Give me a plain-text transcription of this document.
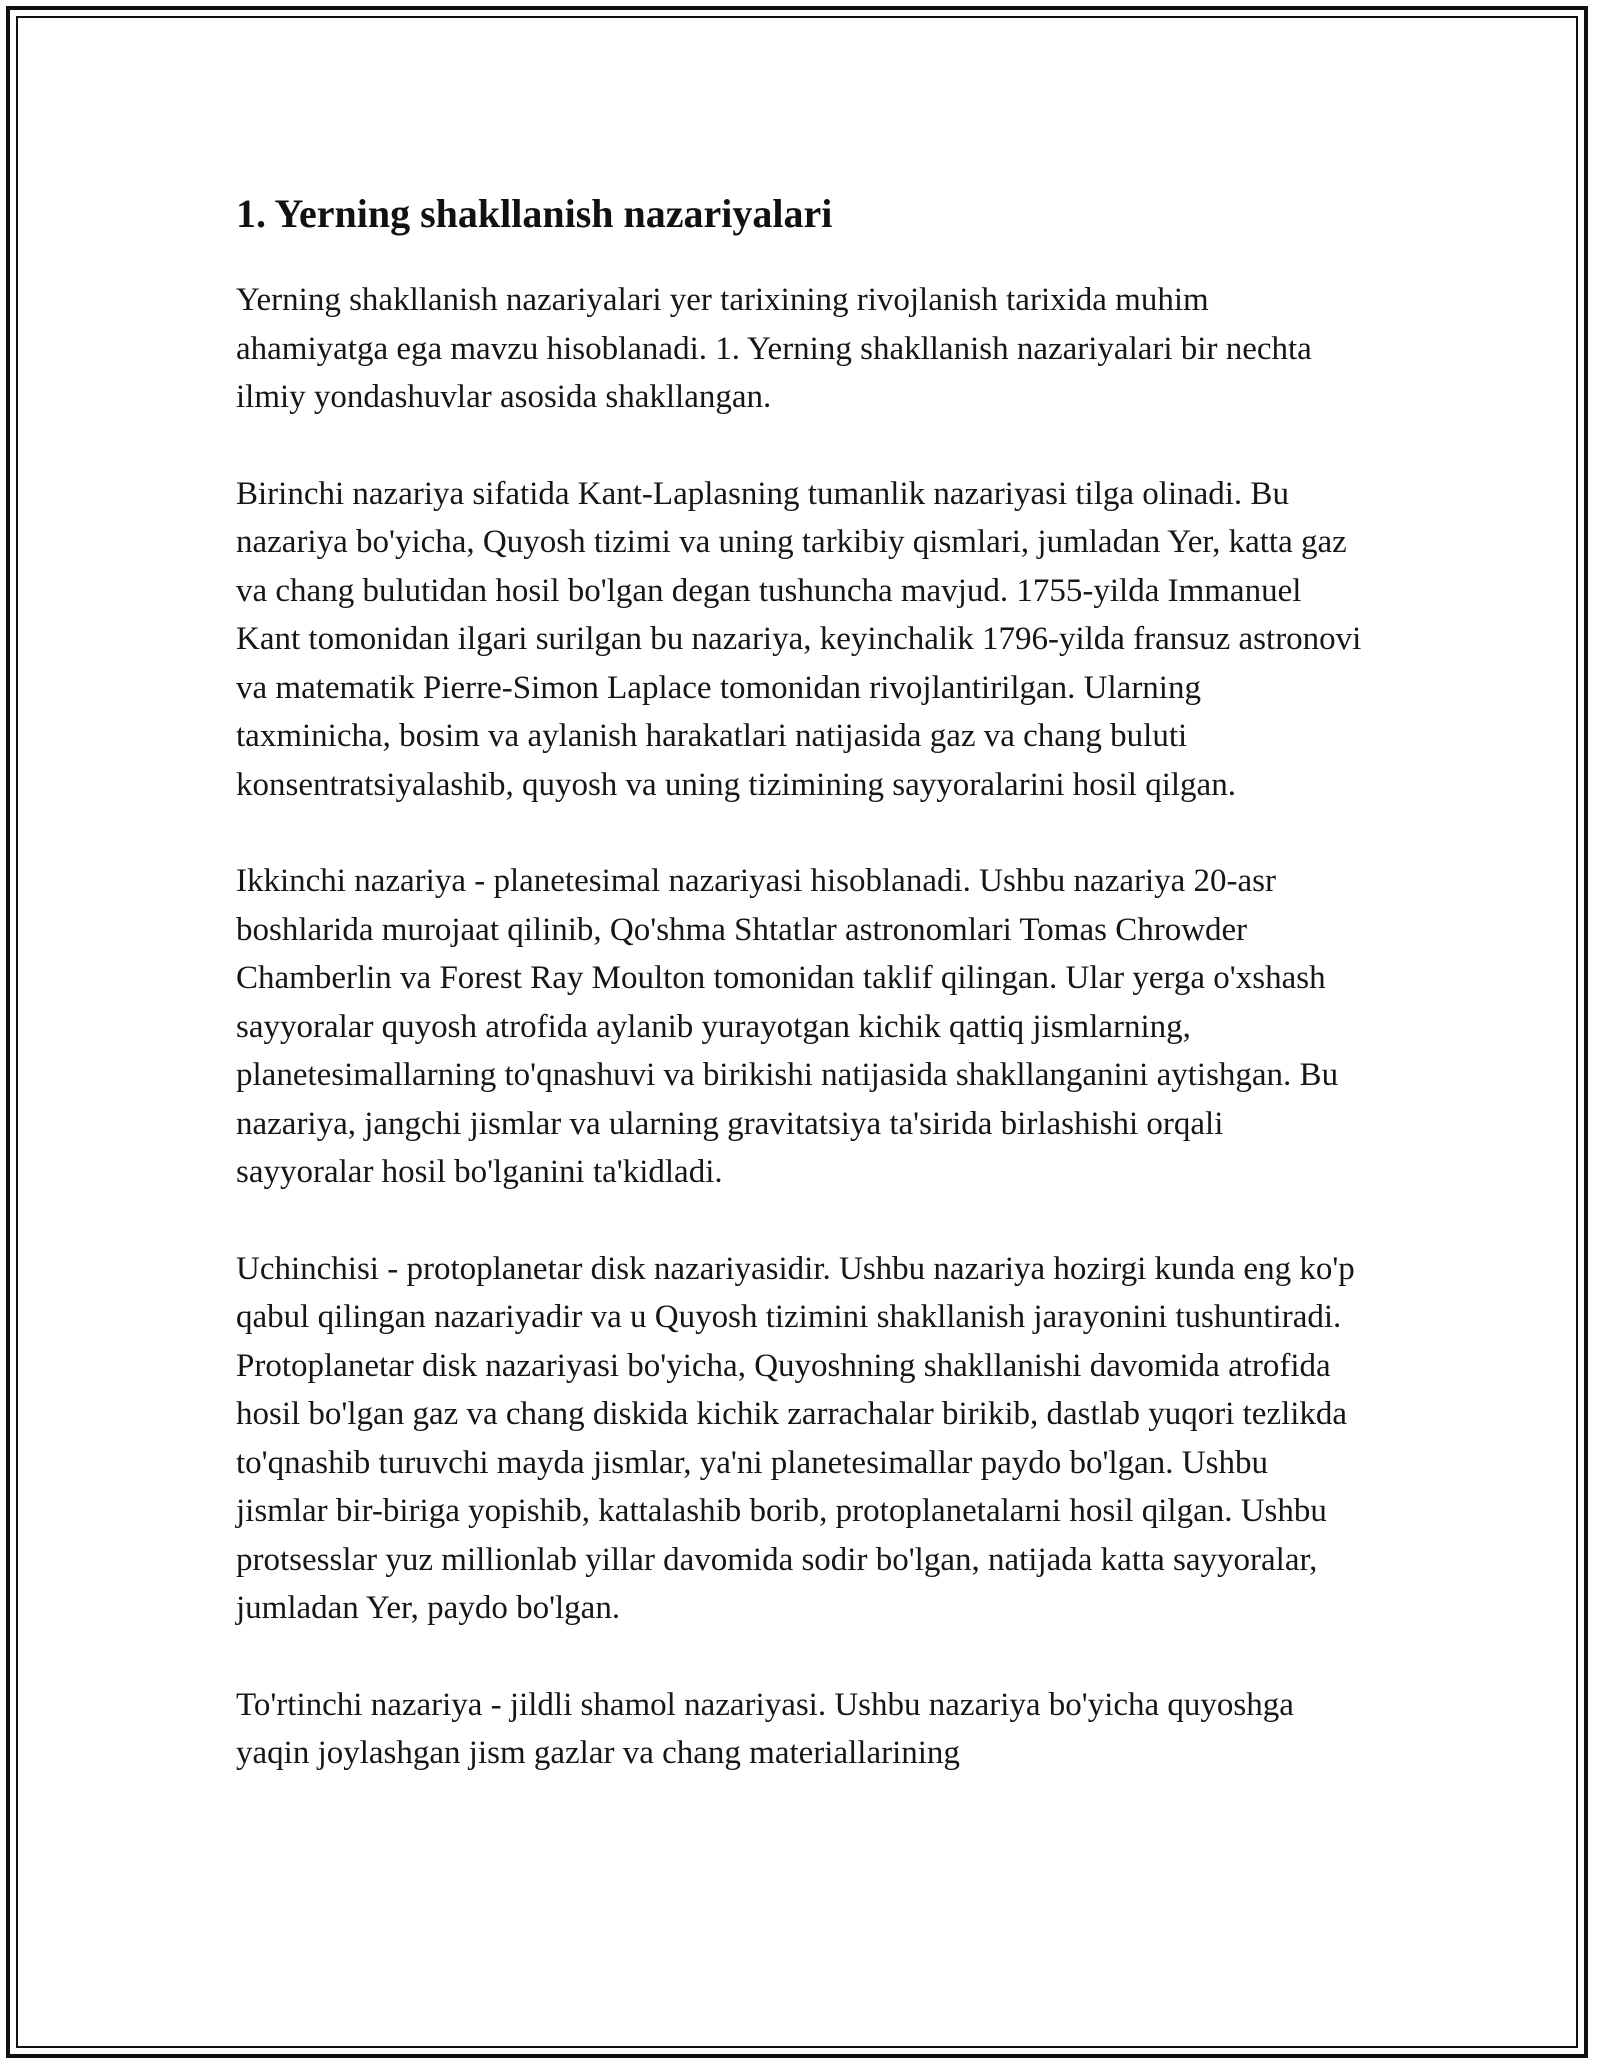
1. Yerning shakllanish nazariyalari

Yerning shakllanish nazariyalari yer tarixining rivojlanish tarixida muhim ahamiyatga ega mavzu hisoblanadi. 1. Yerning shakllanish nazariyalari bir nechta ilmiy yondashuvlar asosida shakllangan.

Birinchi nazariya sifatida Kant-Laplasning tumanlik nazariyasi tilga olinadi. Bu nazariya bo'yicha, Quyosh tizimi va uning tarkibiy qismlari, jumladan Yer, katta gaz va chang bulutidan hosil bo'lgan degan tushuncha mavjud. 1755-yilda Immanuel Kant tomonidan ilgari surilgan bu nazariya, keyinchalik 1796-yilda fransuz astronovi va matematik Pierre-Simon Laplace tomonidan rivojlantirilgan. Ularning taxminicha, bosim va aylanish harakatlari natijasida gaz va chang buluti konsentratsiyalashib, quyosh va uning tizimining sayyoralarini hosil qilgan.

Ikkinchi nazariya - planetesimal nazariyasi hisoblanadi. Ushbu nazariya 20-asr boshlarida murojaat qilinib, Qo'shma Shtatlar astronomlari Tomas Chrowder Chamberlin va Forest Ray Moulton tomonidan taklif qilingan. Ular yerga o'xshash sayyoralar quyosh atrofida aylanib yurayotgan kichik qattiq jismlarning, planetesimallarning to'qnashuvi va birikishi natijasida shakllanganini aytishgan. Bu nazariya, jangchi jismlar va ularning gravitatsiya ta'sirida birlashishi orqali sayyoralar hosil bo'lganini ta'kidladi.

Uchinchisi - protoplanetar disk nazariyasidir. Ushbu nazariya hozirgi kunda eng ko'p qabul qilingan nazariyadir va u Quyosh tizimini shakllanish jarayonini tushuntiradi. Protoplanetar disk nazariyasi bo'yicha, Quyoshning shakllanishi davomida atrofida hosil bo'lgan gaz va chang diskida kichik zarrachalar birikib, dastlab yuqori tezlikda to'qnashib turuvchi mayda jismlar, ya'ni planetesimallar paydo bo'lgan. Ushbu jismlar bir-biriga yopishib, kattalashib borib, protoplanetalarni hosil qilgan. Ushbu protsesslar yuz millionlab yillar davomida sodir bo'lgan, natijada katta sayyoralar, jumladan Yer, paydo bo'lgan.

To'rtinchi nazariya - jildli shamol nazariyasi. Ushbu nazariya bo'yicha quyoshga yaqin joylashgan jism gazlar va chang materiallarining
